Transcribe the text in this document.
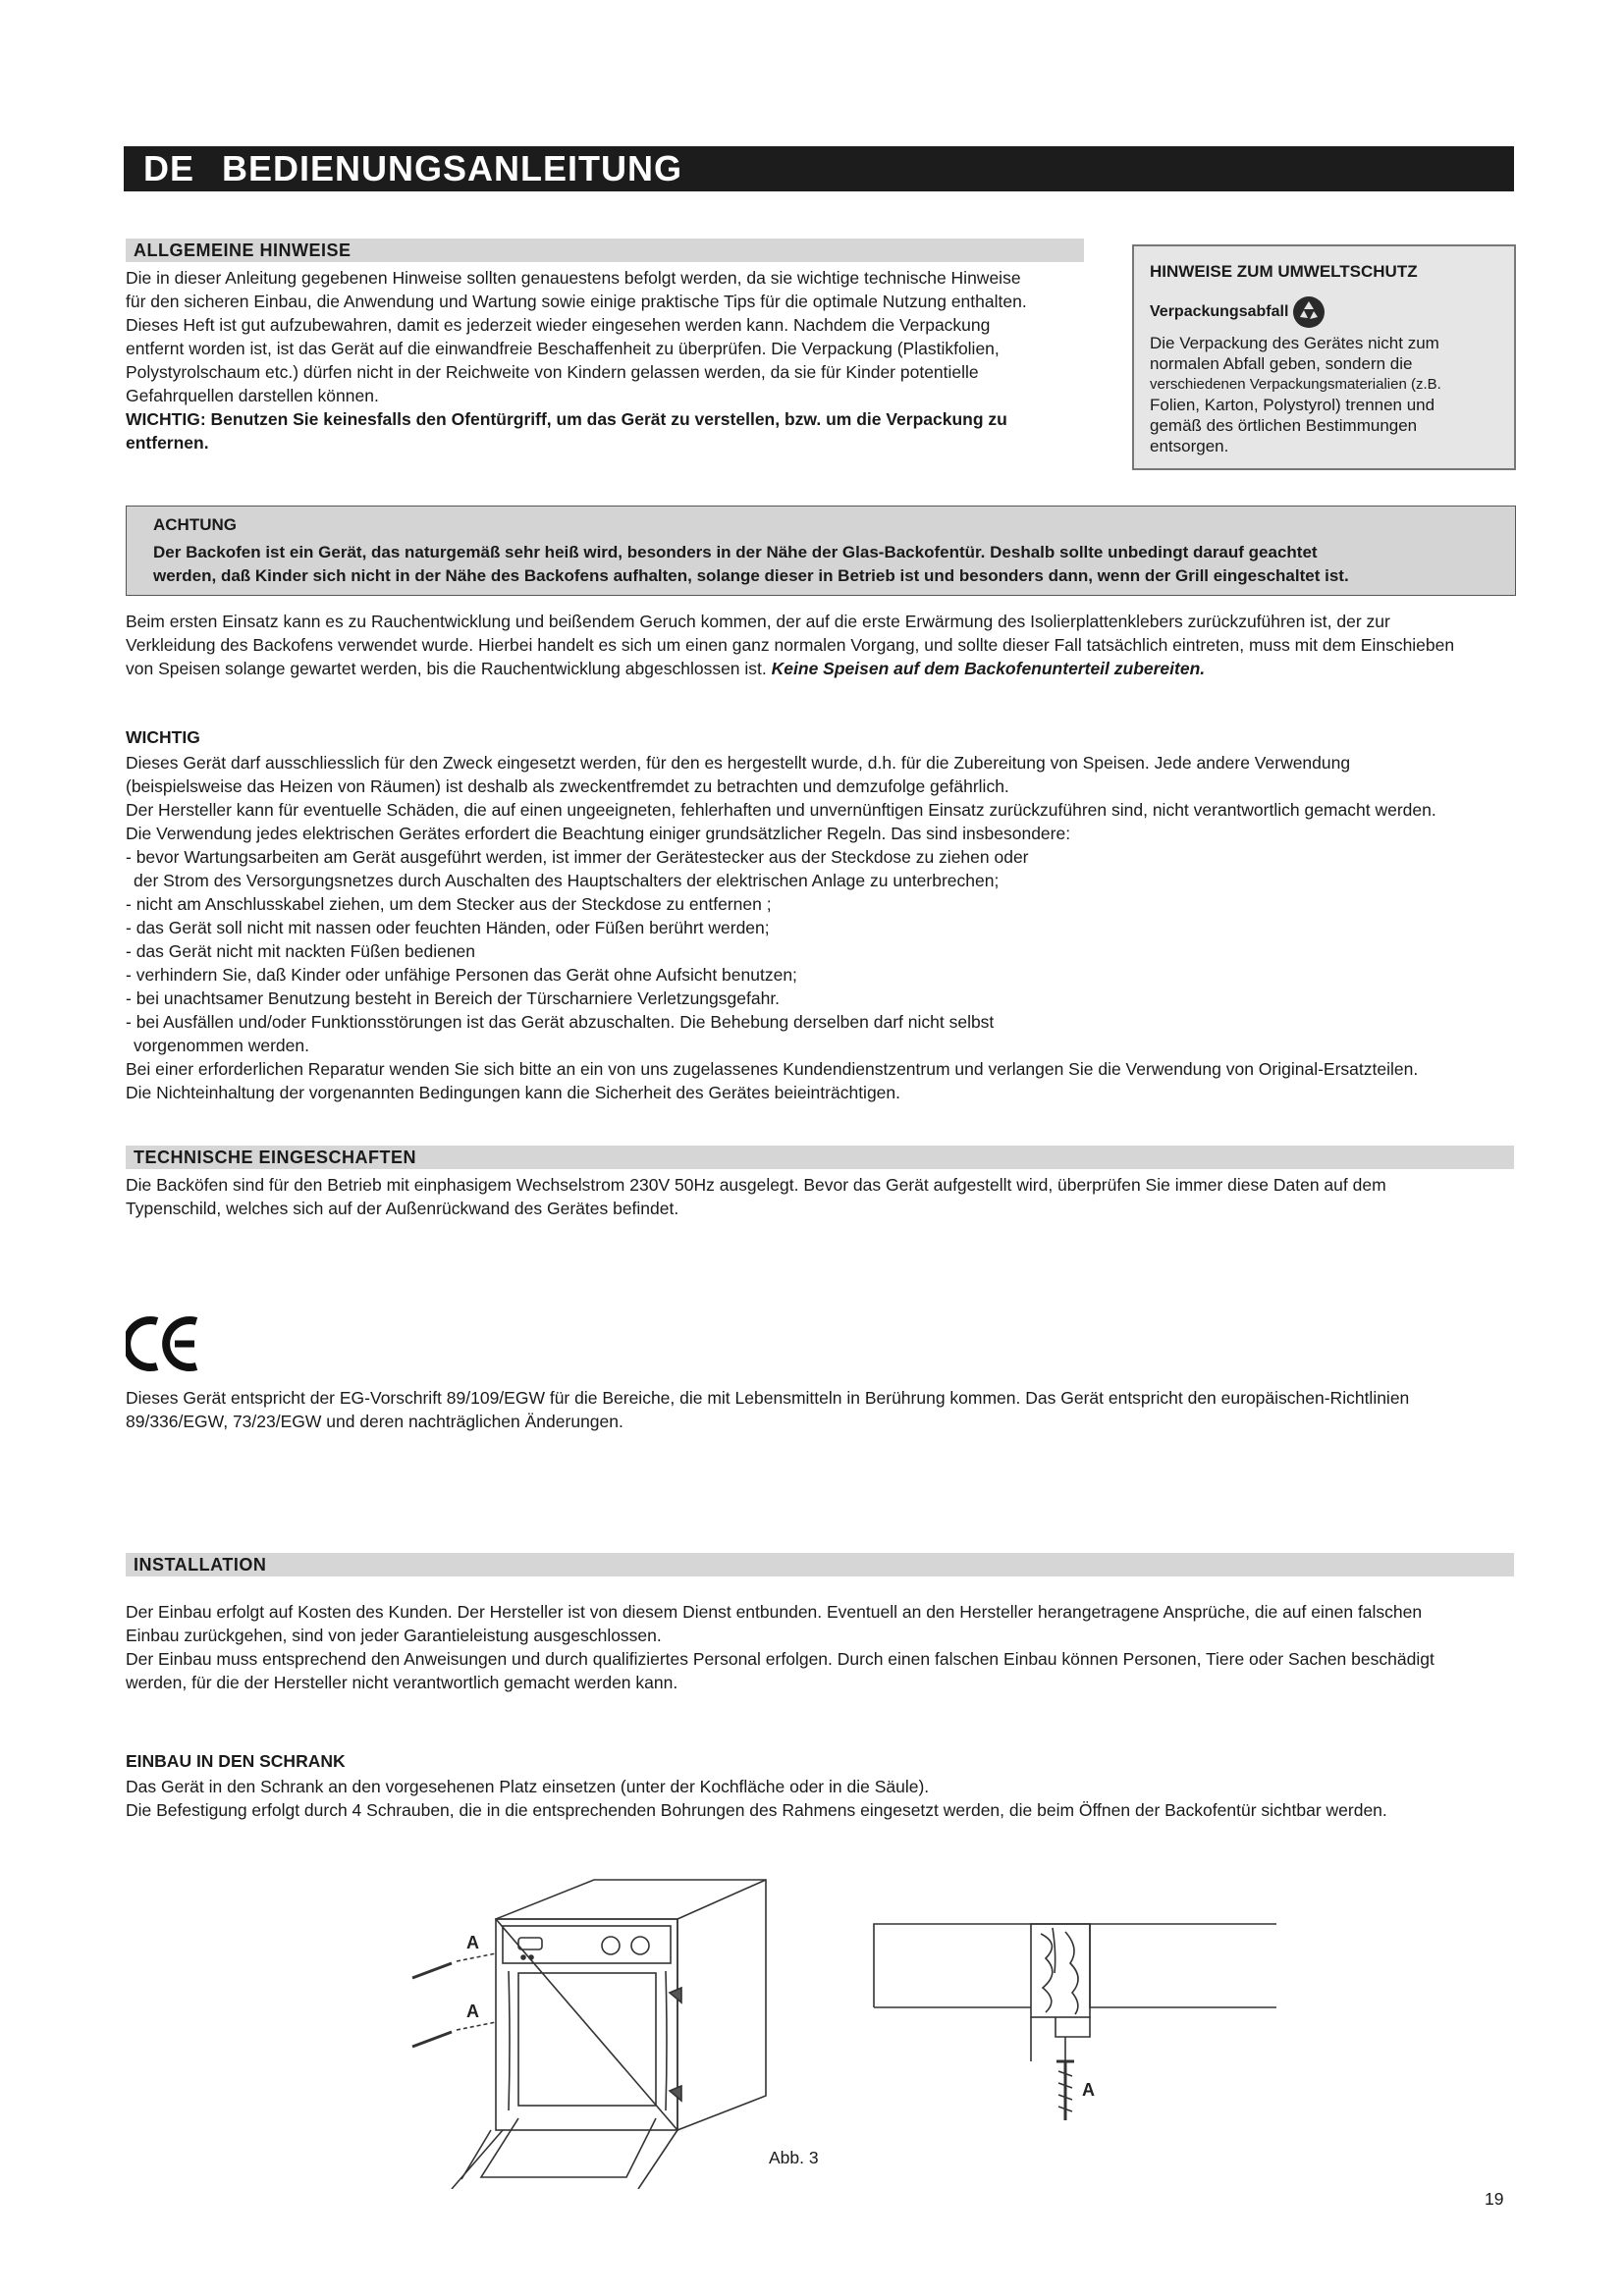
DE BEDIENUNGSANLEITUNG
ALLGEMEINE HINWEISE

Die in dieser Anleitung gegebenen Hinweise sollten genauestens befolgt werden, da sie wichtige technische Hinweise

für den sicheren Einbau, die Anwendung und Wartung sowie einige praktische Tips für die optimale Nutzung enthalten.

Dieses Heft ist gut aufzubewahren, damit es jederzeit wieder eingesehen werden kann. Nachdem die Verpackung

entfernt worden ist, ist das Gerät auf die einwandfreie Beschaffenheit zu überprüfen. Die Verpackung (Plastikfolien,

Polystyrolschaum etc.) dürfen nicht in der Reichweite von Kindern gelassen werden, da sie für Kinder potentielle

Gefahrquellen darstellen können.

WICHTIG: Benutzen Sie keinesfalls den Ofentürgriff, um das Gerät zu verstellen, bzw. um die Verpackung zu

entfernen.

HINWEISE ZUM UMWELTSCHUTZ
Verpackungsabfall
Die Verpackung des Gerätes nicht zum
normalen Abfall geben, sondern die
verschiedenen Verpackungsmaterialien (z.B.
Folien, Karton, Polystyrol) trennen und
gemäß des örtlichen Bestimmungen
entsorgen.
ACHTUNG
Der Backofen ist ein Gerät, das naturgemäß sehr heiß wird, besonders in der Nähe der Glas-Backofentür. Deshalb sollte unbedingt darauf geachtet
werden, daß Kinder sich nicht in der Nähe des Backofens aufhalten, solange dieser in Betrieb ist und besonders dann, wenn der Grill eingeschaltet ist.

Beim ersten Einsatz kann es zu Rauchentwicklung und beißendem Geruch kommen, der auf die erste Erwärmung des Isolierplattenklebers zurückzuführen ist, der zur

Verkleidung des Backofens verwendet wurde. Hierbei handelt es sich um einen ganz normalen Vorgang, und sollte dieser Fall tatsächlich eintreten, muss mit dem Einschieben

von Speisen solange gewartet werden, bis die Rauchentwicklung abgeschlossen ist. Keine Speisen auf dem Backofenunterteil zubereiten.

WICHTIG

Dieses Gerät darf ausschliesslich für den Zweck eingesetzt werden, für den es hergestellt wurde, d.h. für die Zubereitung von Speisen. Jede andere Verwendung

(beispielsweise das Heizen von Räumen) ist deshalb als zweckentfremdet zu betrachten und demzufolge gefährlich.

Der Hersteller kann für eventuelle Schäden, die auf einen ungeeigneten, fehlerhaften und unvernünftigen Einsatz zurückzuführen sind, nicht verantwortlich gemacht werden.

Die Verwendung jedes elektrischen Gerätes erfordert die Beachtung einiger grundsätzlicher Regeln. Das sind insbesondere:

- bevor Wartungsarbeiten am Gerät ausgeführt werden, ist immer der Gerätestecker aus der Steckdose zu ziehen oder

der Strom des Versorgungsnetzes durch Auschalten des Hauptschalters der elektrischen Anlage zu unterbrechen;

- nicht am Anschlusskabel ziehen, um dem Stecker aus der Steckdose zu entfernen ;

- das Gerät soll nicht mit nassen oder feuchten Händen, oder Füßen berührt werden;

- das Gerät nicht mit nackten Füßen bedienen

- verhindern Sie, daß Kinder oder unfähige Personen das Gerät ohne Aufsicht benutzen;

- bei unachtsamer Benutzung besteht in Bereich der Türscharniere Verletzungsgefahr.

- bei Ausfällen und/oder Funktionsstörungen ist das Gerät abzuschalten. Die Behebung derselben darf nicht selbst

vorgenommen werden.

Bei einer erforderlichen Reparatur wenden Sie sich bitte an ein von uns zugelassenes Kundendienstzentrum und verlangen Sie die Verwendung von Original-Ersatzteilen.

Die Nichteinhaltung der vorgenannten Bedingungen kann die Sicherheit des Gerätes beieinträchtigen.

TECHNISCHE EINGESCHAFTEN

Die Backöfen sind für den Betrieb mit einphasigem Wechselstrom 230V 50Hz ausgelegt. Bevor das Gerät aufgestellt wird, überprüfen Sie immer diese Daten auf dem

Typenschild, welches sich auf der Außenrückwand des Gerätes befindet.

Dieses Gerät entspricht der EG-Vorschrift 89/109/EGW für die Bereiche, die mit Lebensmitteln in Berührung kommen. Das Gerät entspricht den europäischen-Richtlinien

89/336/EGW, 73/23/EGW und deren nachträglichen Änderungen.

INSTALLATION

Der Einbau erfolgt auf Kosten des Kunden. Der Hersteller ist von diesem Dienst entbunden. Eventuell an den Hersteller herangetragene Ansprüche, die auf einen falschen

Einbau zurückgehen, sind von jeder Garantieleistung ausgeschlossen.

Der Einbau muss entsprechend den Anweisungen und durch qualifiziertes Personal erfolgen. Durch einen falschen Einbau können Personen, Tiere oder Sachen beschädigt

werden, für die der Hersteller nicht verantwortlich gemacht werden kann.

EINBAU IN DEN SCHRANK

Das Gerät in den Schrank an den vorgesehenen Platz einsetzen (unter der Kochfläche oder in die Säule).

Die Befestigung erfolgt durch 4 Schrauben, die in die entsprechenden Bohrungen des Rahmens eingesetzt werden, die beim Öffnen der Backofentür sichtbar werden.

A
A
A
Abb. 3
19
